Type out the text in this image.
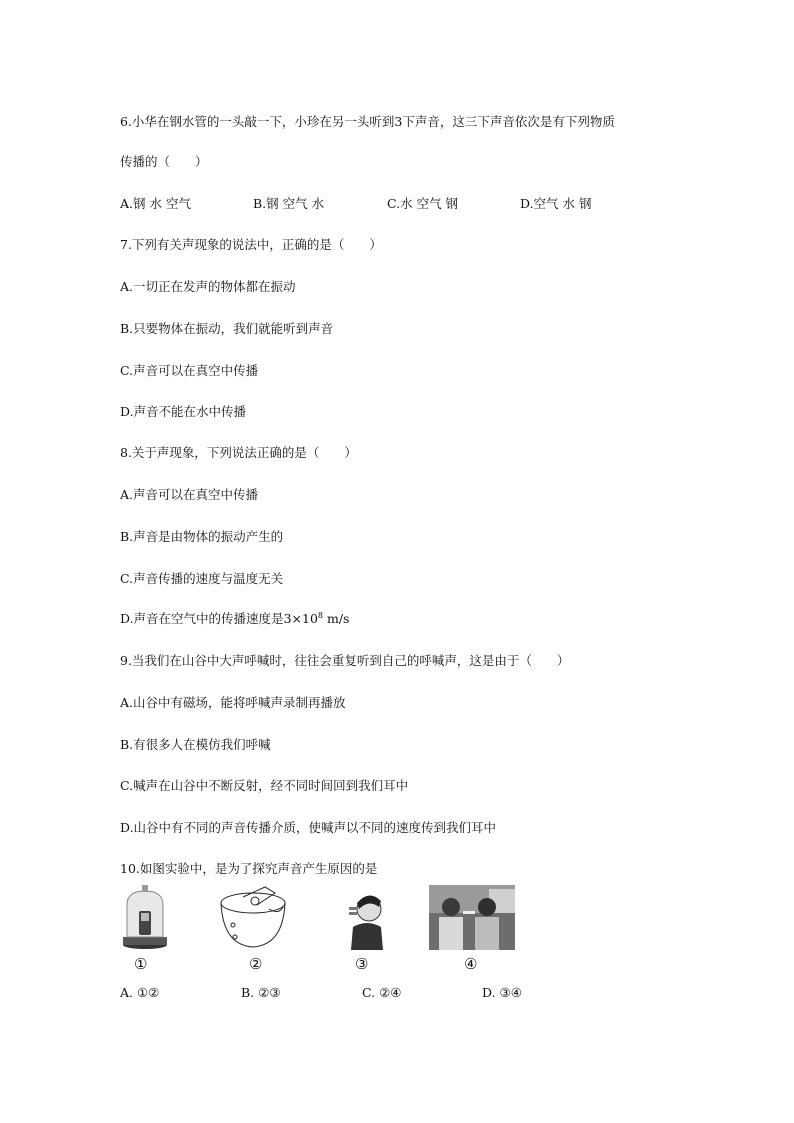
6.小华在钢水管的一头敲一下，小珍在另一头听到3下声音，这三下声音依次是有下列物质
传播的（　　）
A.钢 水 空气	B.钢 空气 水	C.水 空气 钢	D.空气 水 钢
7.下列有关声现象的说法中，正确的是（　　）
A.一切正在发声的物体都在振动
B.只要物体在振动，我们就能听到声音
C.声音可以在真空中传播
D.声音不能在水中传播
8.关于声现象，下列说法正确的是（　　）
A.声音可以在真空中传播
B.声音是由物体的振动产生的
C.声音传播的速度与温度无关
D.声音在空气中的传播速度是$3\times 10^8$ m/s
9.当我们在山谷中大声呼喊时，往往会重复听到自己的呼喊声，这是由于（　　）
A.山谷中有磁场，能将呼喊声录制再播放
B.有很多人在模仿我们呼喊
C.喊声在山谷中不断反射，经不同时间回到我们耳中
D.山谷中有不同的声音传播介质，使喊声以不同的速度传到我们耳中
10.如图实验中，是为了探究声音产生原因的是
①	②	③	④
A. ①②	B. ②③	C. ②④	D. ③④
